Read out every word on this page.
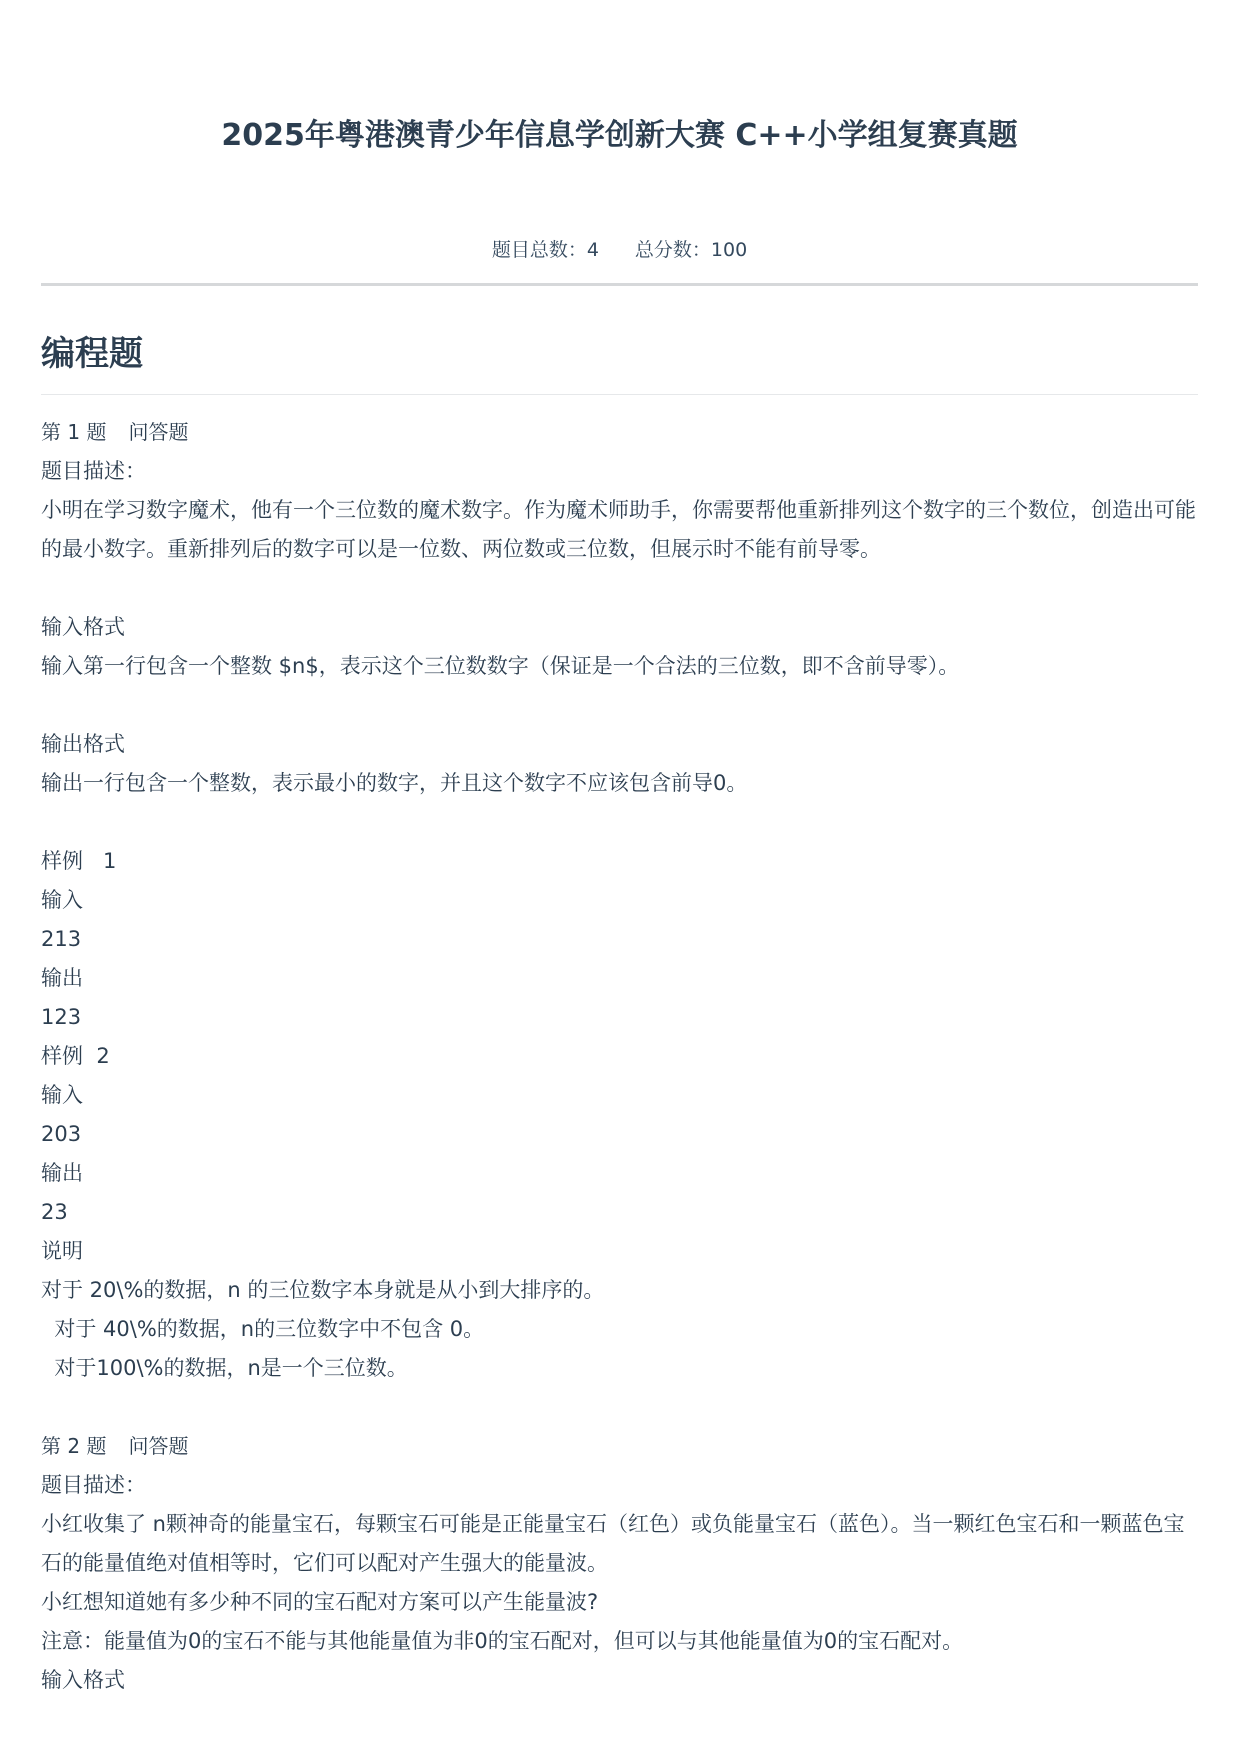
2025年粤港澳青少年信息学创新大赛 C++小学组复赛真题
题目总数：4 总分数：100
编程题
第 1 题 问答题
题目描述：
小明在学习数字魔术，他有一个三位数的魔术数字。作为魔术师助手，你需要帮他重新排列这个数字的三个数位，创造出可能的最小数字。重新排列后的数字可以是一位数、两位数或三位数，但展示时不能有前导零。
输入格式
输入第一行包含一个整数 $n$，表示这个三位数数字（保证是一个合法的三位数，即不含前导零）。
输出格式
输出一行包含一个整数，表示最小的数字，并且这个数字不应该包含前导0。
样例   1
输入
213
输出
123
样例  2
输入
203
输出
23
说明
对于 20\%的数据，n 的三位数字本身就是从小到大排序的。
对于 40\%的数据，n的三位数字中不包含 0。
对于100\%的数据，n是一个三位数。
第 2 题 问答题
题目描述：
小红收集了 n颗神奇的能量宝石，每颗宝石可能是正能量宝石（红色）或负能量宝石（蓝色）。当一颗红色宝石和一颗蓝色宝石的能量值绝对值相等时，它们可以配对产生强大的能量波。
小红想知道她有多少种不同的宝石配对方案可以产生能量波?
注意：能量值为0的宝石不能与其他能量值为非0的宝石配对，但可以与其他能量值为0的宝石配对。
输入格式
